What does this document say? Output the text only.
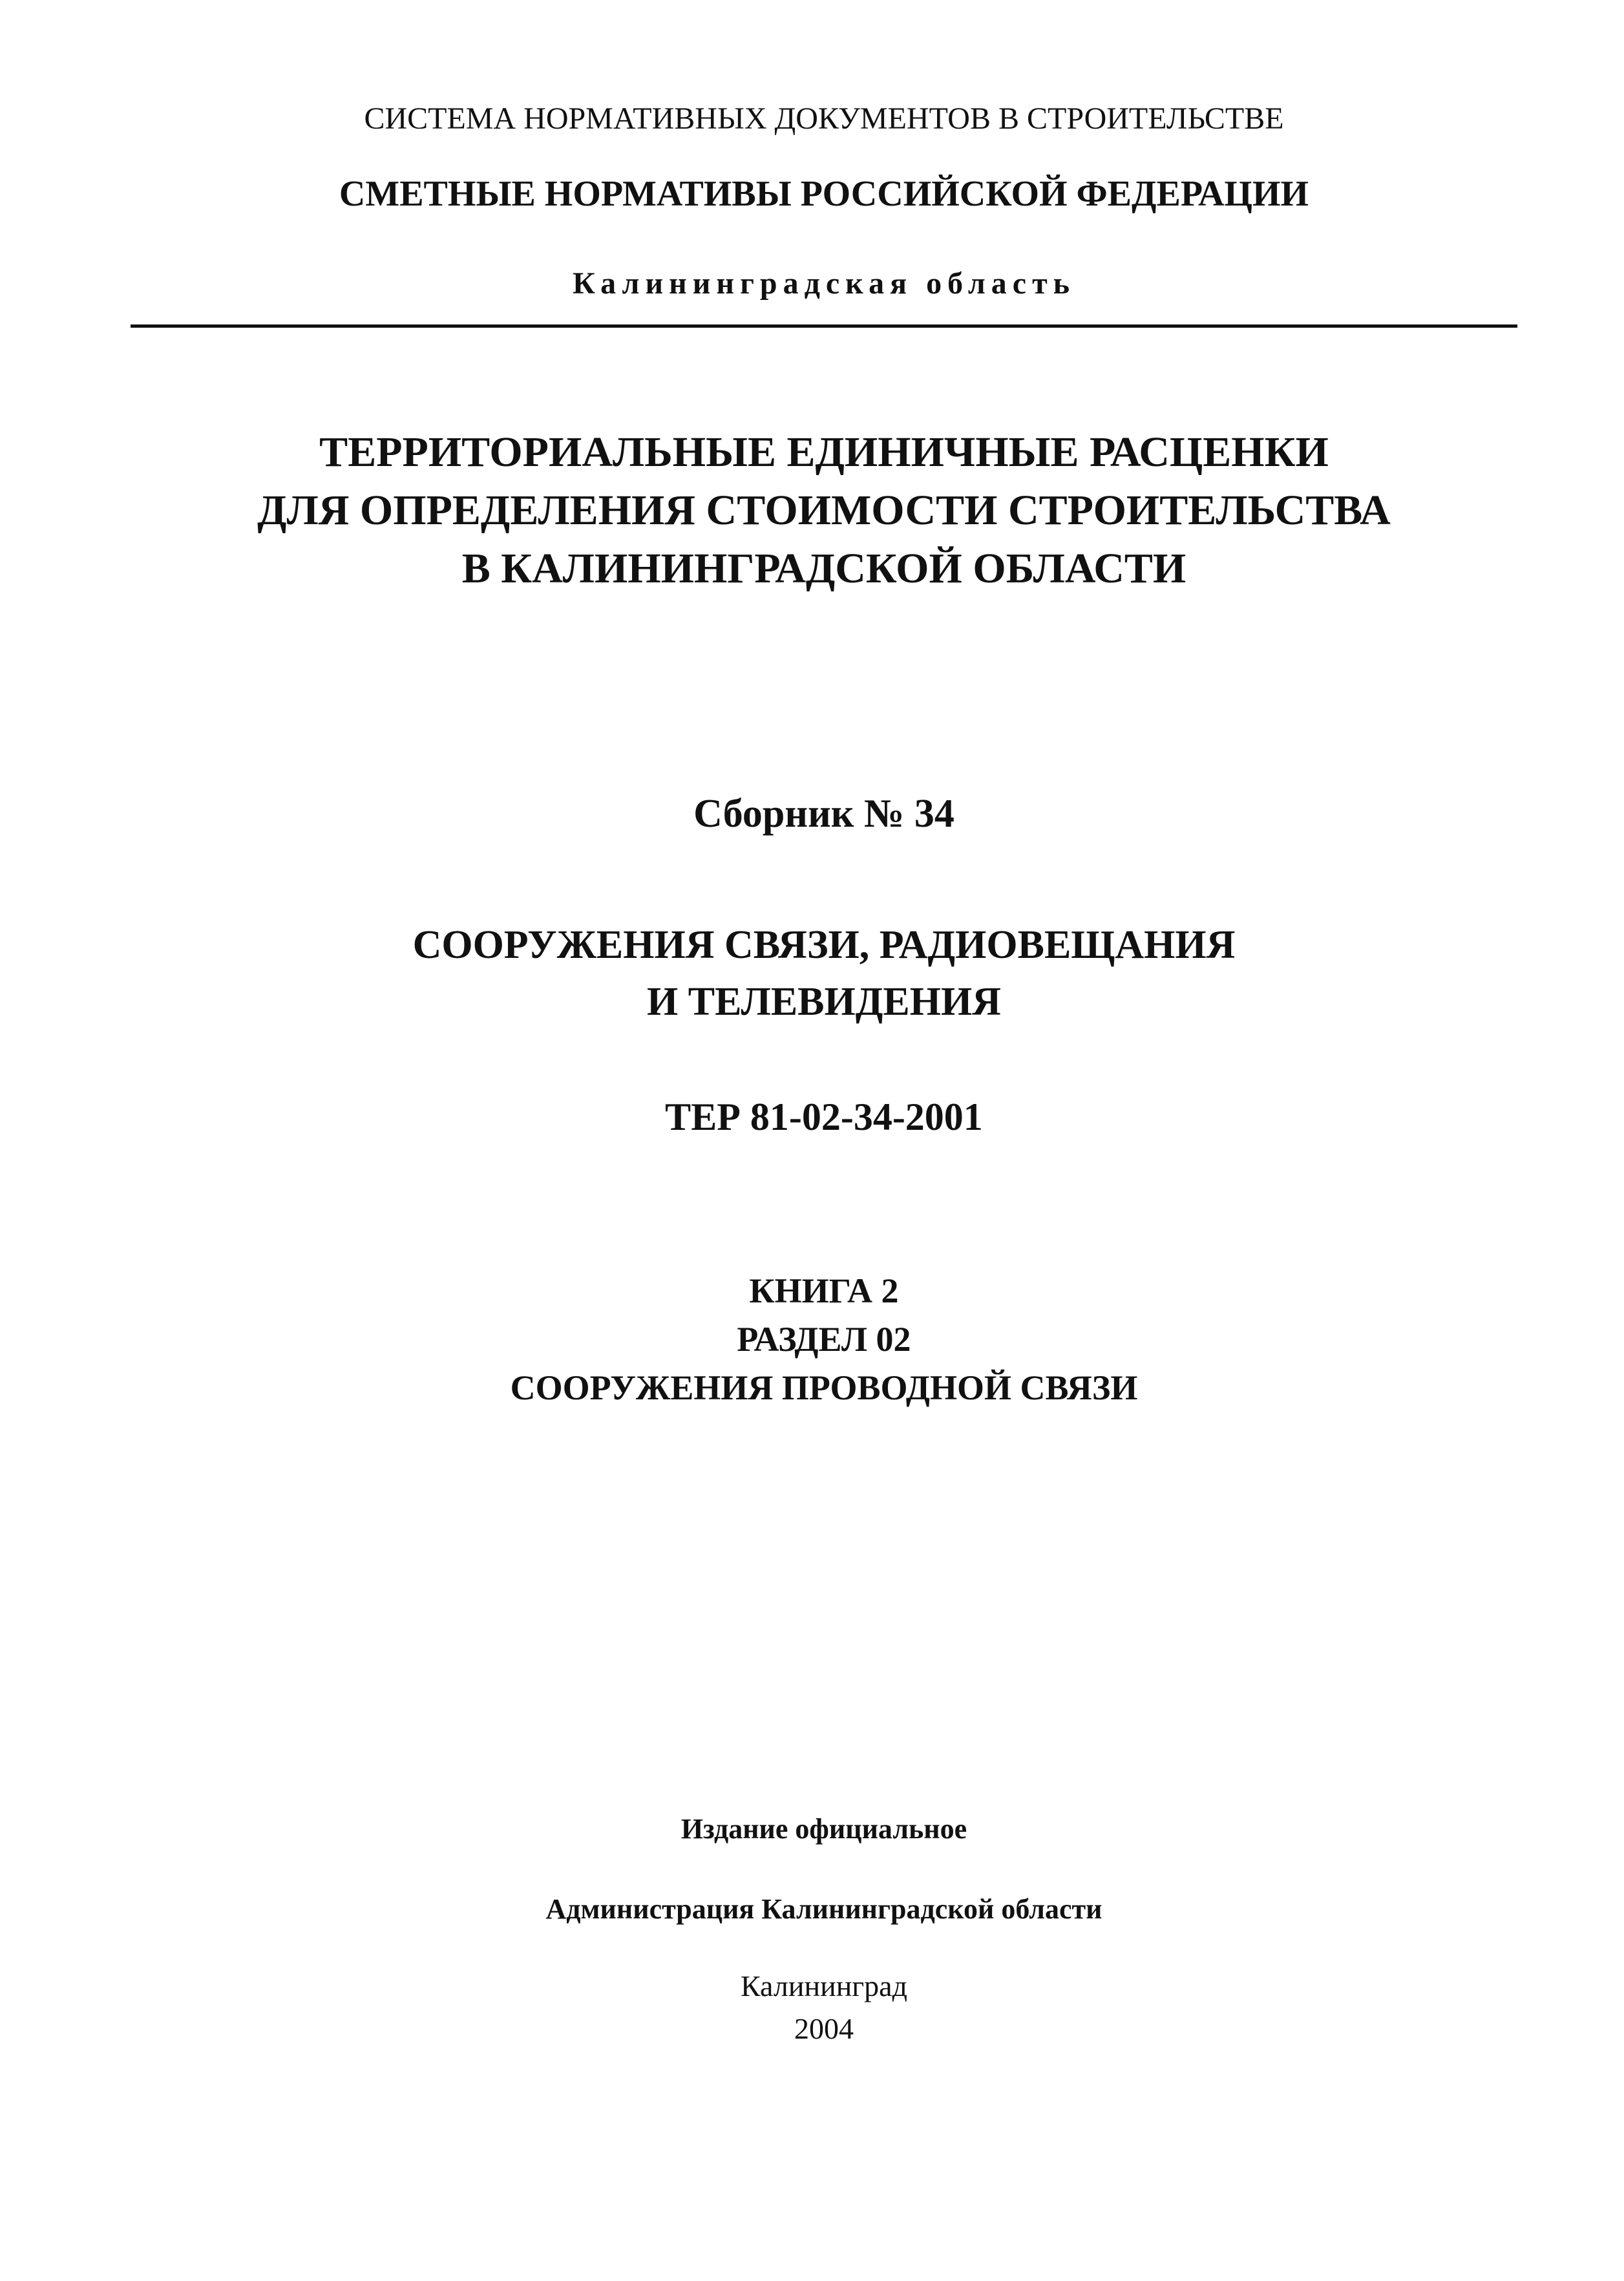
СИСТЕМА НОРМАТИВНЫХ ДОКУМЕНТОВ В СТРОИТЕЛЬСТВЕ
СМЕТНЫЕ НОРМАТИВЫ РОССИЙСКОЙ ФЕДЕРАЦИИ
Калининградская область
ТЕРРИТОРИАЛЬНЫЕ ЕДИНИЧНЫЕ РАСЦЕНКИ
ДЛЯ ОПРЕДЕЛЕНИЯ СТОИМОСТИ СТРОИТЕЛЬСТВА
В КАЛИНИНГРАДСКОЙ ОБЛАСТИ
Сборник № 34
СООРУЖЕНИЯ СВЯЗИ, РАДИОВЕЩАНИЯ
И ТЕЛЕВИДЕНИЯ
ТЕР 81-02-34-2001
КНИГА 2
РАЗДЕЛ 02
СООРУЖЕНИЯ ПРОВОДНОЙ СВЯЗИ
Издание официальное
Администрация Калининградской области
Калининград
2004
